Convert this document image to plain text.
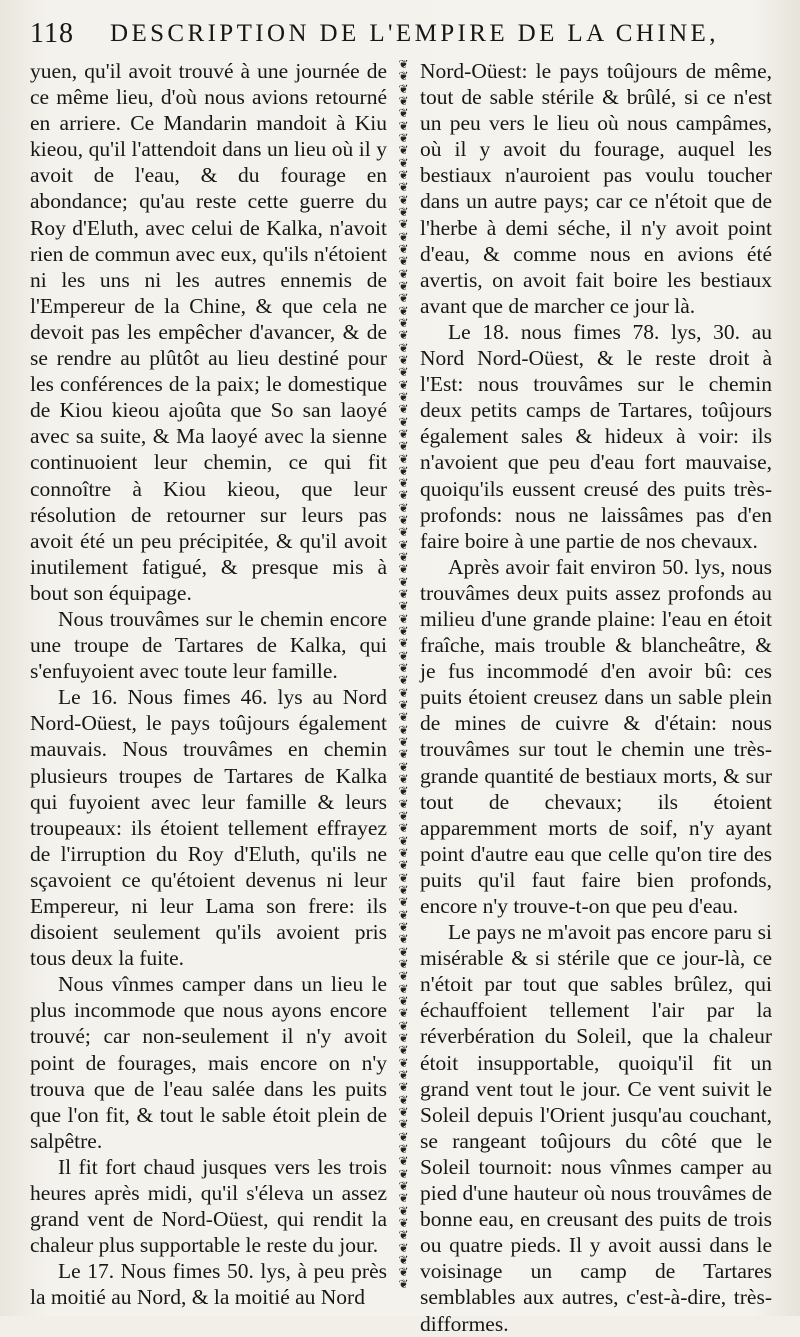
118 DESCRIPTION DE L'EMPIRE DE LA CHINE,

yuen, qu'il avoit trouvé à une journée de ce même lieu, d'où nous avions retourné en arriere. Ce Mandarin mandoit à Kiu kieou, qu'il l'attendoit dans un lieu où il y avoit de l'eau, & du fourage en abondance; qu'au reste cette guerre du Roy d'Eluth, avec celui de Kalka, n'avoit rien de commun avec eux, qu'ils n'étoient ni les uns ni les autres ennemis de l'Empereur de la Chine, & que cela ne devoit pas les empêcher d'avancer, & de se rendre au plûtôt au lieu destiné pour les conférences de la paix; le domestique de Kiou kieou ajoûta que So san laoyé avec sa suite, & Ma laoyé avec la sienne continuoient leur chemin, ce qui fit connoître à Kiou kieou, que leur résolution de retourner sur leurs pas avoit été un peu précipitée, & qu'il avoit inutilement fatigué, & presque mis à bout son équipage.

Nous trouvâmes sur le chemin encore une troupe de Tartares de Kalka, qui s'enfuyoient avec toute leur famille.

Le 16. Nous fimes 46. lys au Nord Nord-Oüest, le pays toûjours également mauvais. Nous trouvâmes en chemin plusieurs troupes de Tartares de Kalka qui fuyoient avec leur famille & leurs troupeaux: ils étoient tellement effrayez de l'irruption du Roy d'Eluth, qu'ils ne sçavoient ce qu'étoient devenus ni leur Empereur, ni leur Lama son frere: ils disoient seulement qu'ils avoient pris tous deux la fuite.

Nous vînmes camper dans un lieu le plus incommode que nous ayons encore trouvé; car non-seulement il n'y avoit point de fourages, mais encore on n'y trouva que de l'eau salée dans les puits que l'on fit, & tout le sable étoit plein de salpêtre.

Il fit fort chaud jusques vers les trois heures après midi, qu'il s'éleva un assez grand vent de Nord-Oüest, qui rendit la chaleur plus supportable le reste du jour.

Le 17. Nous fimes 50. lys, à peu près la moitié au Nord, & la moitié au Nord

❦
❦
❦
❦
❦
❦
❦
❦
❦
❦
❦
❦
❦
❦
❦
❦
❦
❦
❦
❦
❦
❦
❦
❦
❦
❦
❦
❦
❦
❦
❦
❦
❦
❦
❦
❦
❦
❦
❦
❦
❦
❦
❦
❦
❦
❦
❦
❦
❦
❦
❦
❦
❦
❦
❦
❦
❦
❦
❦
❦
❦
❦
❦
❦
❦
❦
❦
❦
❦
❦
❦
❦
❦
❦
❦
❦
❦
❦
❦
❦
❦
❦
❦
❦
❦
❦
❦
❦
❦
❦
❦
❦
❦
❦
❦
❦
❦
❦
❦
❦

Nord-Oüest: le pays toûjours de même, tout de sable stérile & brûlé, si ce n'est un peu vers le lieu où nous campâmes, où il y avoit du fourage, auquel les bestiaux n'auroient pas voulu toucher dans un autre pays; car ce n'étoit que de l'herbe à demi séche, il n'y avoit point d'eau, & comme nous en avions été avertis, on avoit fait boire les bestiaux avant que de marcher ce jour là.

Le 18. nous fimes 78. lys, 30. au Nord Nord-Oüest, & le reste droit à l'Est: nous trouvâmes sur le chemin deux petits camps de Tartares, toûjours également sales & hideux à voir: ils n'avoient que peu d'eau fort mauvaise, quoiqu'ils eussent creusé des puits très-profonds: nous ne laissâmes pas d'en faire boire à une partie de nos chevaux.

Après avoir fait environ 50. lys, nous trouvâmes deux puits assez profonds au milieu d'une grande plaine: l'eau en étoit fraîche, mais trouble & blancheâtre, & je fus incommodé d'en avoir bû: ces puits étoient creusez dans un sable plein de mines de cuivre & d'étain: nous trouvâmes sur tout le chemin une très-grande quantité de bestiaux morts, & sur tout de chevaux; ils étoient apparemment morts de soif, n'y ayant point d'autre eau que celle qu'on tire des puits qu'il faut faire bien profonds, encore n'y trouve-t-on que peu d'eau.

Le pays ne m'avoit pas encore paru si misérable & si stérile que ce jour-là, ce n'étoit par tout que sables brûlez, qui échauffoient tellement l'air par la réverbération du Soleil, que la chaleur étoit insupportable, quoiqu'il fit un grand vent tout le jour. Ce vent suivit le Soleil depuis l'Orient jusqu'au couchant, se rangeant toûjours du côté que le Soleil tournoit: nous vînmes camper au pied d'une hauteur où nous trouvâmes de bonne eau, en creusant des puits de trois ou quatre pieds. Il y avoit aussi dans le voisinage un camp de Tartares semblables aux autres, c'est-à-dire, très-difformes.
